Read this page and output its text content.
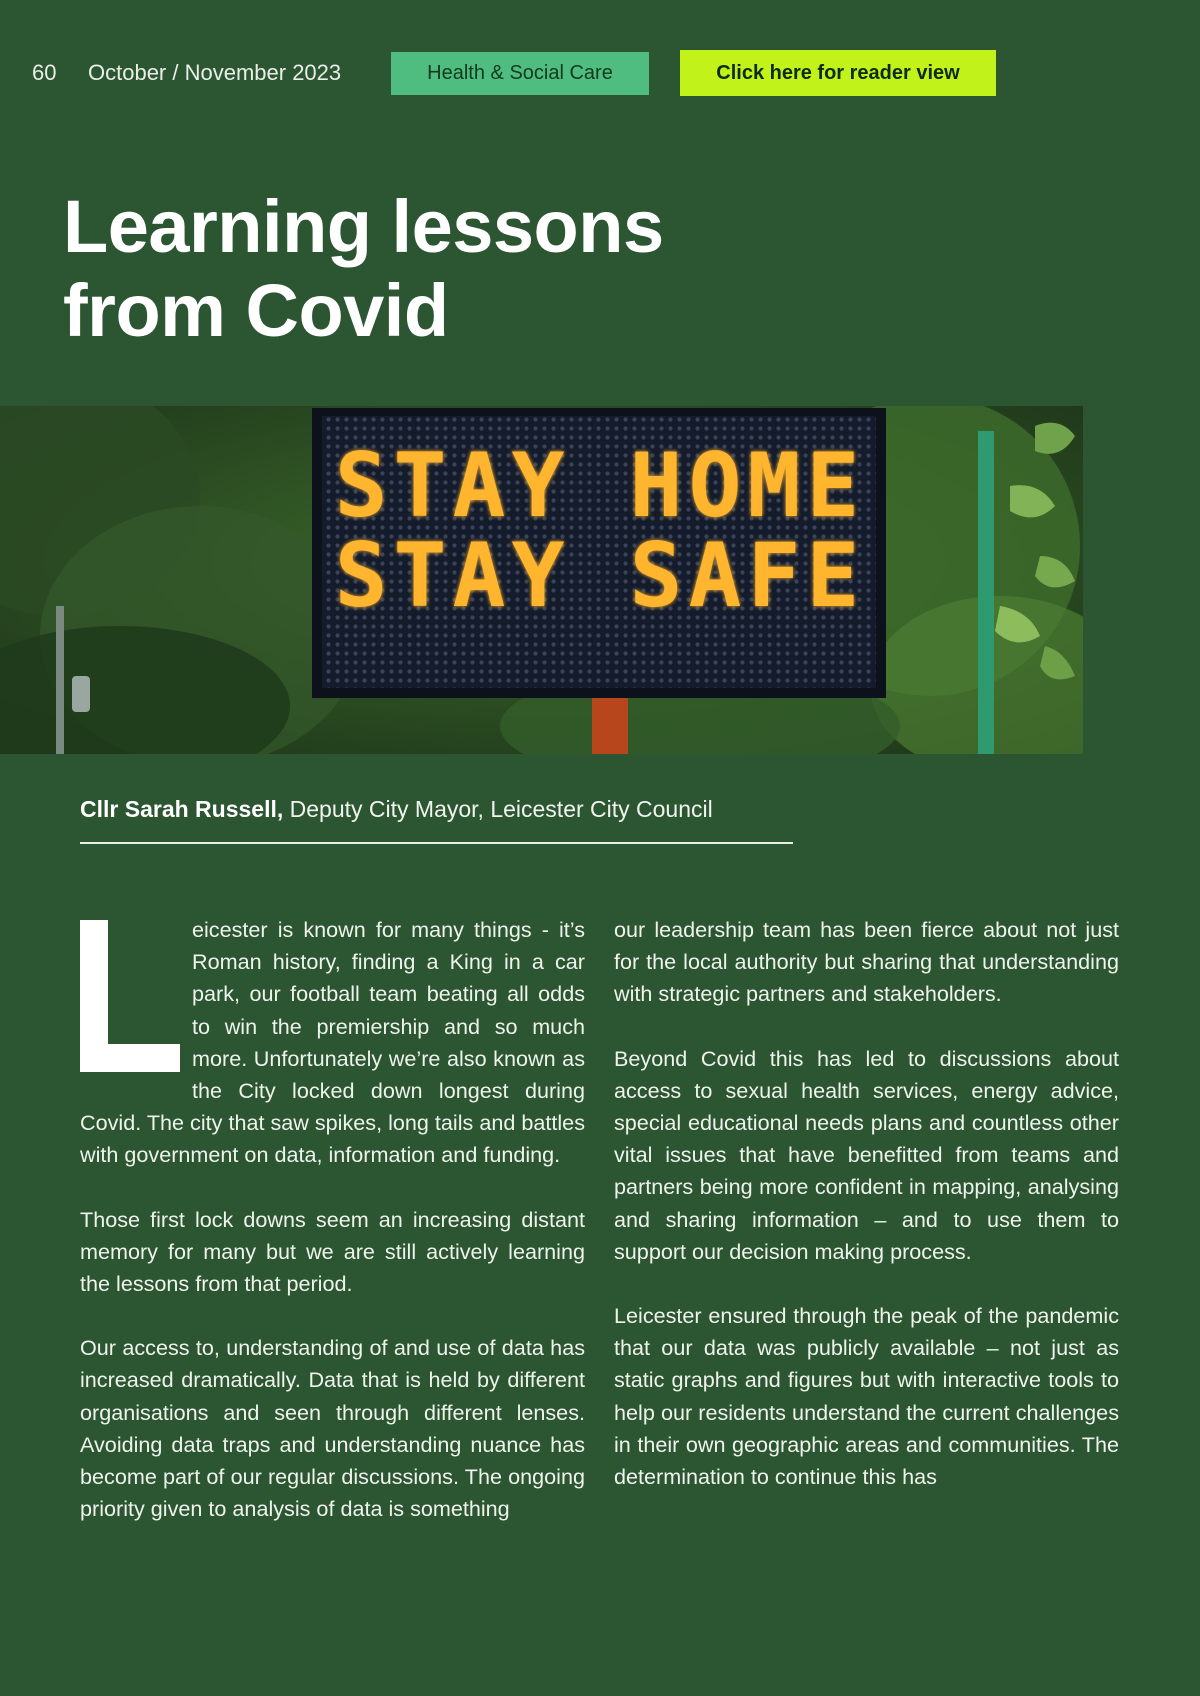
60 October / November 2023	Health & Social Care	Click here for reader view
Learning lessons
from Covid
STAY HOME
STAY SAFE
Cllr Sarah Russell, Deputy City Mayor, Leicester City Council

eicester is known for many things - it’s Roman history, finding a King in a car park, our football team beating all odds to win the premiership and so much more. Unfortunately we’re also known as the City locked down longest during Covid. The city that saw spikes, long tails and battles with government on data, information and funding.

Those first lock downs seem an increasing distant memory for many but we are still actively learning the lessons from that period.

Our access to, understanding of and use of data has increased dramatically. Data that is held by different organisations and seen through different lenses. Avoiding data traps and understanding nuance has become part of our regular discussions. The ongoing priority given to analysis of data is something

our leadership team has been fierce about not just for the local authority but sharing that understanding with strategic partners and stakeholders.

Beyond Covid this has led to discussions about access to sexual health services, energy advice, special educational needs plans and countless other vital issues that have benefitted from teams and partners being more confident in mapping, analysing and sharing information – and to use them to support our decision making process.

Leicester ensured through the peak of the pandemic that our data was publicly available – not just as static graphs and figures but with interactive tools to help our residents understand the current challenges in their own geographic areas and communities. The determination to continue this has
